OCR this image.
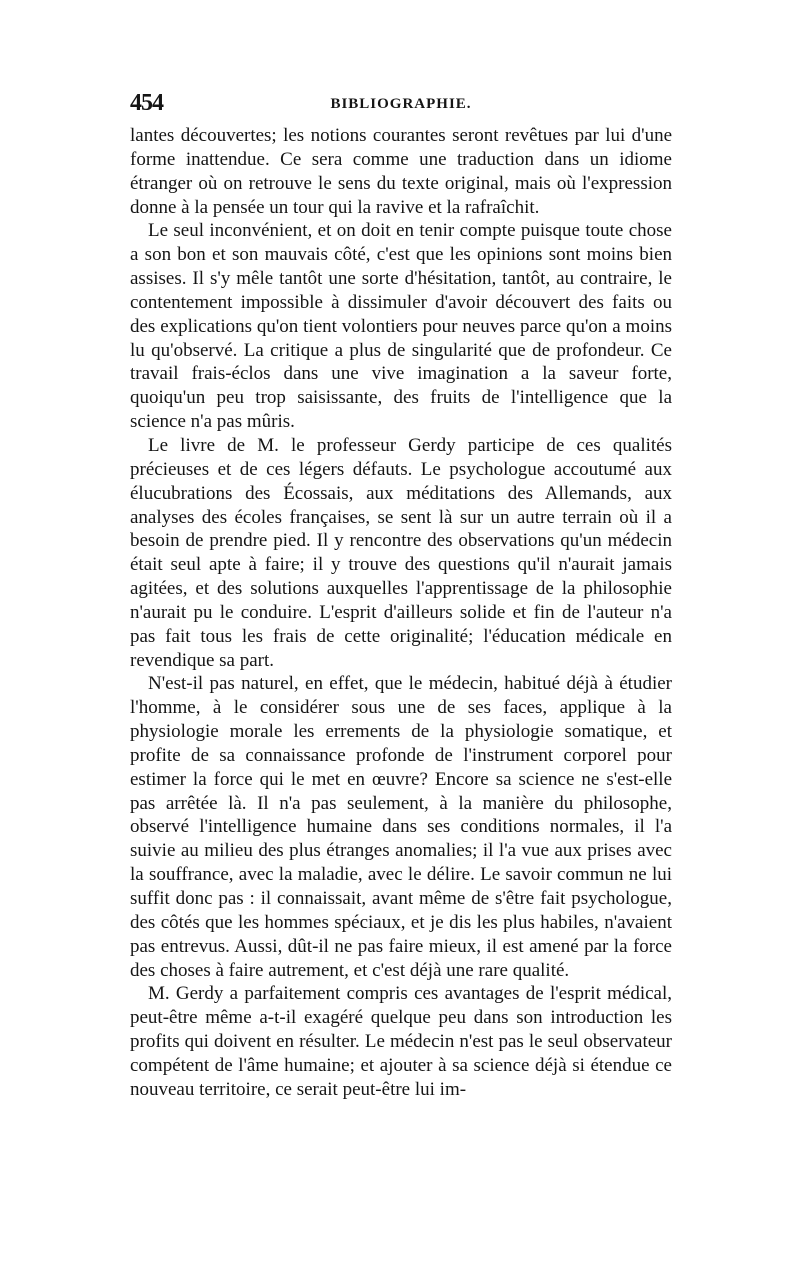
454	BIBLIOGRAPHIE.

lantes découvertes; les notions courantes seront revêtues par lui d'une forme inattendue. Ce sera comme une traduction dans un idiome étranger où on retrouve le sens du texte original, mais où l'expression donne à la pensée un tour qui la ravive et la rafraîchit.

Le seul inconvénient, et on doit en tenir compte puisque toute chose a son bon et son mauvais côté, c'est que les opinions sont moins bien assises. Il s'y mêle tantôt une sorte d'hésitation, tantôt, au contraire, le contentement impossible à dissimuler d'avoir découvert des faits ou des explications qu'on tient volontiers pour neuves parce qu'on a moins lu qu'observé. La critique a plus de singularité que de profondeur. Ce travail frais-éclos dans une vive imagination a la saveur forte, quoiqu'un peu trop saisissante, des fruits de l'intelligence que la science n'a pas mûris.

Le livre de M. le professeur Gerdy participe de ces qualités précieuses et de ces légers défauts. Le psychologue accoutumé aux élucubrations des Écossais, aux méditations des Allemands, aux analyses des écoles françaises, se sent là sur un autre terrain où il a besoin de prendre pied. Il y rencontre des observations qu'un médecin était seul apte à faire; il y trouve des questions qu'il n'aurait jamais agitées, et des solutions auxquelles l'apprentissage de la philosophie n'aurait pu le conduire. L'esprit d'ailleurs solide et fin de l'auteur n'a pas fait tous les frais de cette originalité; l'éducation médicale en revendique sa part.

N'est-il pas naturel, en effet, que le médecin, habitué déjà à étudier l'homme, à le considérer sous une de ses faces, applique à la physiologie morale les errements de la physiologie somatique, et profite de sa connaissance profonde de l'instrument corporel pour estimer la force qui le met en œuvre? Encore sa science ne s'est-elle pas arrêtée là. Il n'a pas seulement, à la manière du philosophe, observé l'intelligence humaine dans ses conditions normales, il l'a suivie au milieu des plus étranges anomalies; il l'a vue aux prises avec la souffrance, avec la maladie, avec le délire. Le savoir commun ne lui suffit donc pas : il connaissait, avant même de s'être fait psychologue, des côtés que les hommes spéciaux, et je dis les plus habiles, n'avaient pas entrevus. Aussi, dût-il ne pas faire mieux, il est amené par la force des choses à faire autrement, et c'est déjà une rare qualité.

M. Gerdy a parfaitement compris ces avantages de l'esprit médical, peut-être même a-t-il exagéré quelque peu dans son introduction les profits qui doivent en résulter. Le médecin n'est pas le seul observateur compétent de l'âme humaine; et ajouter à sa science déjà si étendue ce nouveau territoire, ce serait peut-être lui im-
